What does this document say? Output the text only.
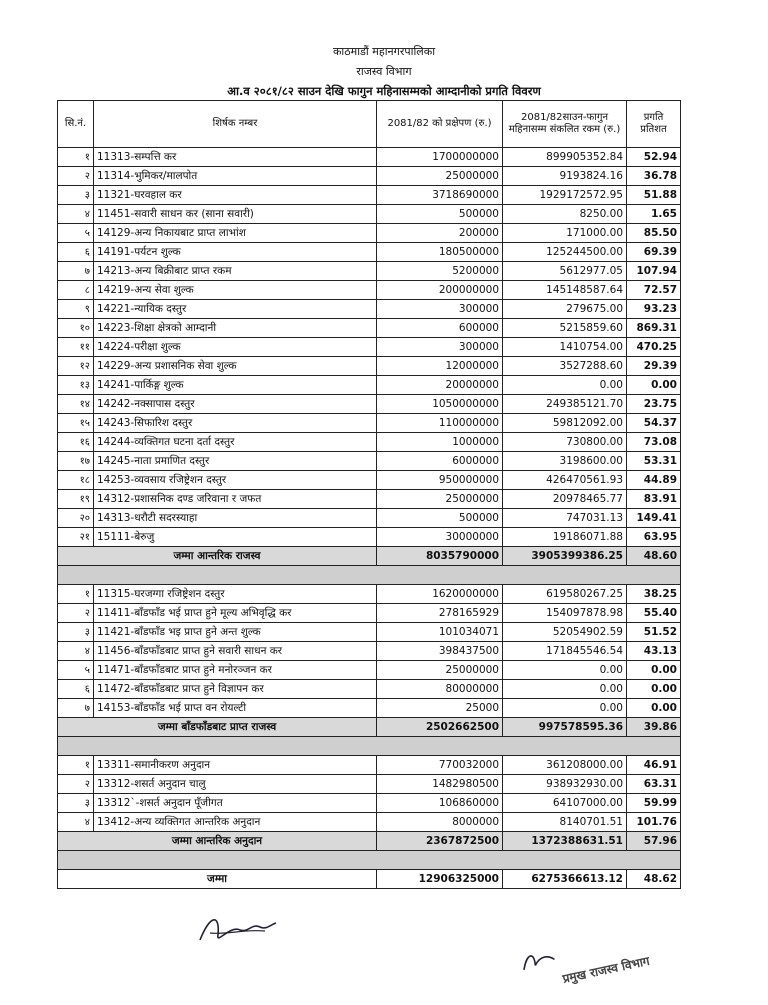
काठमाडौं महानगरपालिका
राजस्व विभाग
आ.व २०८१/८२ साउन देखि फागुन महिनासम्मको आम्दानीको प्रगति विवरण
सि.नं.	शिर्षक नम्बर	2081/82 को प्रक्षेपण (रु.)	2081/82साउन-फागुन महिनासम्म संकलित रकम (रु.)	प्रगति प्रतिशत
१	11313-सम्पत्ति कर	1700000000	899905352.84	52.94
२	11314-भुमिकर/मालपोत	25000000	9193824.16	36.78
३	11321-घरवहाल कर	3718690000	1929172572.95	51.88
४	11451-सवारी साधन कर (साना सवारी)	500000	8250.00	1.65
५	14129-अन्य निकायबाट प्राप्त लाभांश	200000	171000.00	85.50
६	14191-पर्यटन शुल्क	180500000	125244500.00	69.39
७	14213-अन्य बिक्रीबाट प्राप्त रकम	5200000	5612977.05	107.94
८	14219-अन्य सेवा शुल्क	200000000	145148587.64	72.57
९	14221-न्यायिक दस्तुर	300000	279675.00	93.23
१०	14223-शिक्षा क्षेत्रको आम्दानी	600000	5215859.60	869.31
११	14224-परीक्षा शुल्क	300000	1410754.00	470.25
१२	14229-अन्य प्रशासनिक सेवा शुल्क	12000000	3527288.60	29.39
१३	14241-पार्किङ्ग शुल्क	20000000	0.00	0.00
१४	14242-नक्सापास दस्तुर	1050000000	249385121.70	23.75
१५	14243-सिफारिश दस्तुर	110000000	59812092.00	54.37
१६	14244-व्यक्तिगत घटना दर्ता दस्तुर	1000000	730800.00	73.08
१७	14245-नाता प्रमाणित दस्तुर	6000000	3198600.00	53.31
१८	14253-व्यवसाय रजिष्ट्रेशन दस्तुर	950000000	426470561.93	44.89
१९	14312-प्रशासनिक दण्ड जरिवाना र जफत	25000000	20978465.77	83.91
२०	14313-धरौटी सदरस्याहा	500000	747031.13	149.41
२१	15111-बेरुजु	30000000	19186071.88	63.95
जम्मा आन्तरिक राजस्व		8035790000	3905399386.25	48.60

१	11315-घरजग्गा रजिष्ट्रेशन दस्तुर	1620000000	619580267.25	38.25
२	11411-बाँडफाँड भई प्राप्त हुने मूल्य अभिवृद्धि कर	278165929	154097878.98	55.40
३	11421-बाँडफाँड भइ प्राप्त हुने अन्त शुल्क	101034071	52054902.59	51.52
४	11456-बाँडफाँडबाट प्राप्त हुने सवारी साधन कर	398437500	171845546.54	43.13
५	11471-बाँडफाँडबाट प्राप्त हुने मनोरञ्जन कर	25000000	0.00	0.00
६	11472-बाँडफाँडबाट प्राप्त हुने विज्ञापन कर	80000000	0.00	0.00
७	14153-बाँडफाँड भई प्राप्त वन रोयल्टी	25000	0.00	0.00
जम्मा बाँडफाँडबाट प्राप्त राजस्व		2502662500	997578595.36	39.86

१	13311-समानीकरण अनुदान	770032000	361208000.00	46.91
२	13312-शसर्त अनुदान चालु	1482980500	938932930.00	63.31
३	13312`-शसर्त अनुदान पूँजीगत	106860000	64107000.00	59.99
४	13412-अन्य व्यक्तिगत आन्तरिक अनुदान	8000000	8140701.51	101.76
जम्मा आन्तरिक अनुदान		2367872500	1372388631.51	57.96

जम्मा		12906325000	6275366613.12	48.62
प्रमुख राजस्व विभाग
